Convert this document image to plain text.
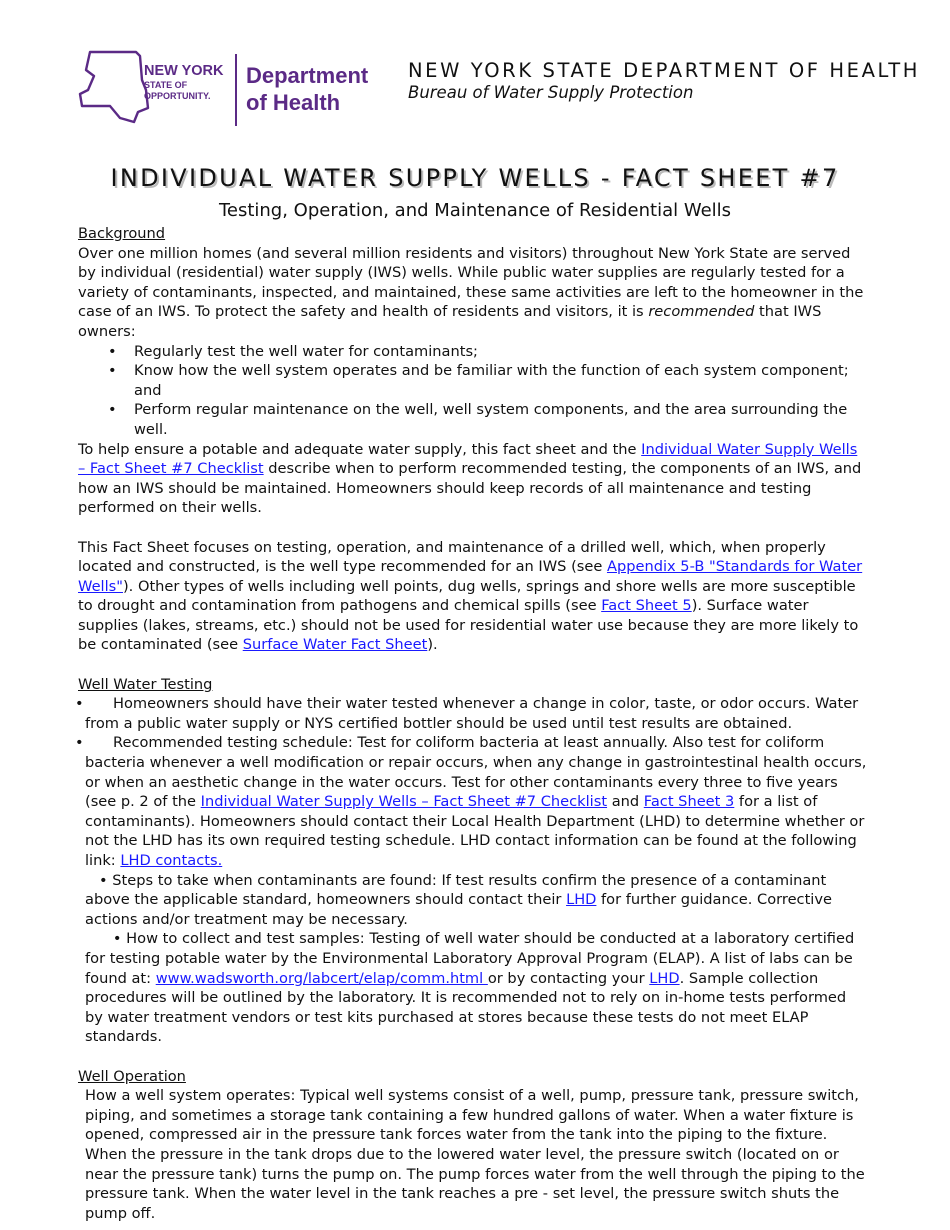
NEW YORK
STATE OF
OPPORTUNITY.
Department
of Health
NEW YORK STATE DEPARTMENT OF HEALTH
Bureau of Water Supply Protection
INDIVIDUAL WATER SUPPLY WELLS - FACT SHEET #7
Testing, Operation, and Maintenance of Residential Wells

Background

Over one million homes (and several million residents and visitors) throughout New York State are served by individual (residential) water supply (IWS) wells. While public water supplies are regularly tested for a variety of contaminants, inspected, and maintained, these same activities are left to the homeowner in the case of an IWS. To protect the safety and health of residents and visitors, it is recommended that IWS owners:

• Regularly test the well water for contaminants;
• Know how the well system operates and be familiar with the function of each system component; and
• Perform regular maintenance on the well, well system components, and the area surrounding the well.

To help ensure a potable and adequate water supply, this fact sheet and the Individual Water Supply Wells – Fact Sheet #7 Checklist describe when to perform recommended testing, the components of an IWS, and how an IWS should be maintained. Homeowners should keep records of all maintenance and testing performed on their wells.

This Fact Sheet focuses on testing, operation, and maintenance of a drilled well, which, when properly located and constructed, is the well type recommended for an IWS (see Appendix 5-B "Standards for Water Wells"). Other types of wells including well points, dug wells, springs and shore wells are more susceptible to drought and contamination from pathogens and chemical spills (see Fact Sheet 5). Surface water supplies (lakes, streams, etc.) should not be used for residential water use because they are more likely to be contaminated (see Surface Water Fact Sheet).

Well Water Testing

• Homeowners should have their water tested whenever a change in color, taste, or odor occurs. Water from a public water supply or NYS certified bottler should be used until test results are obtained.
• Recommended testing schedule: Test for coliform bacteria at least annually. Also test for coliform bacteria whenever a well modification or repair occurs, when any change in gastrointestinal health occurs, or when an aesthetic change in the water occurs. Test for other contaminants every three to five years (see p. 2 of the Individual Water Supply Wells – Fact Sheet #7 Checklist and Fact Sheet 3 for a list of contaminants). Homeowners should contact their Local Health Department (LHD) to determine whether or not the LHD has its own required testing schedule. LHD contact information can be found at the following link: LHD contacts.
• Steps to take when contaminants are found: If test results confirm the presence of a contaminant above the applicable standard, homeowners should contact their LHD for further guidance. Corrective actions and/or treatment may be necessary.
• How to collect and test samples: Testing of well water should be conducted at a laboratory certified for testing potable water by the Environmental Laboratory Approval Program (ELAP). A list of labs can be found at: www.wadsworth.org/labcert/elap/comm.html or by contacting your LHD. Sample collection procedures will be outlined by the laboratory. It is recommended not to rely on in-home tests performed by water treatment vendors or test kits purchased at stores because these tests do not meet ELAP standards.

Well Operation

How a well system operates: Typical well systems consist of a well, pump, pressure tank, pressure switch, piping, and sometimes a storage tank containing a few hundred gallons of water. When a water fixture is opened, compressed air in the pressure tank forces water from the tank into the piping to the fixture. When the pressure in the tank drops due to the lowered water level, the pressure switch (located on or near the pressure tank) turns the pump on. The pump forces water from the well through the piping to the pressure tank. When the water level in the tank reaches a pre - set level, the pressure switch shuts the pump off.
